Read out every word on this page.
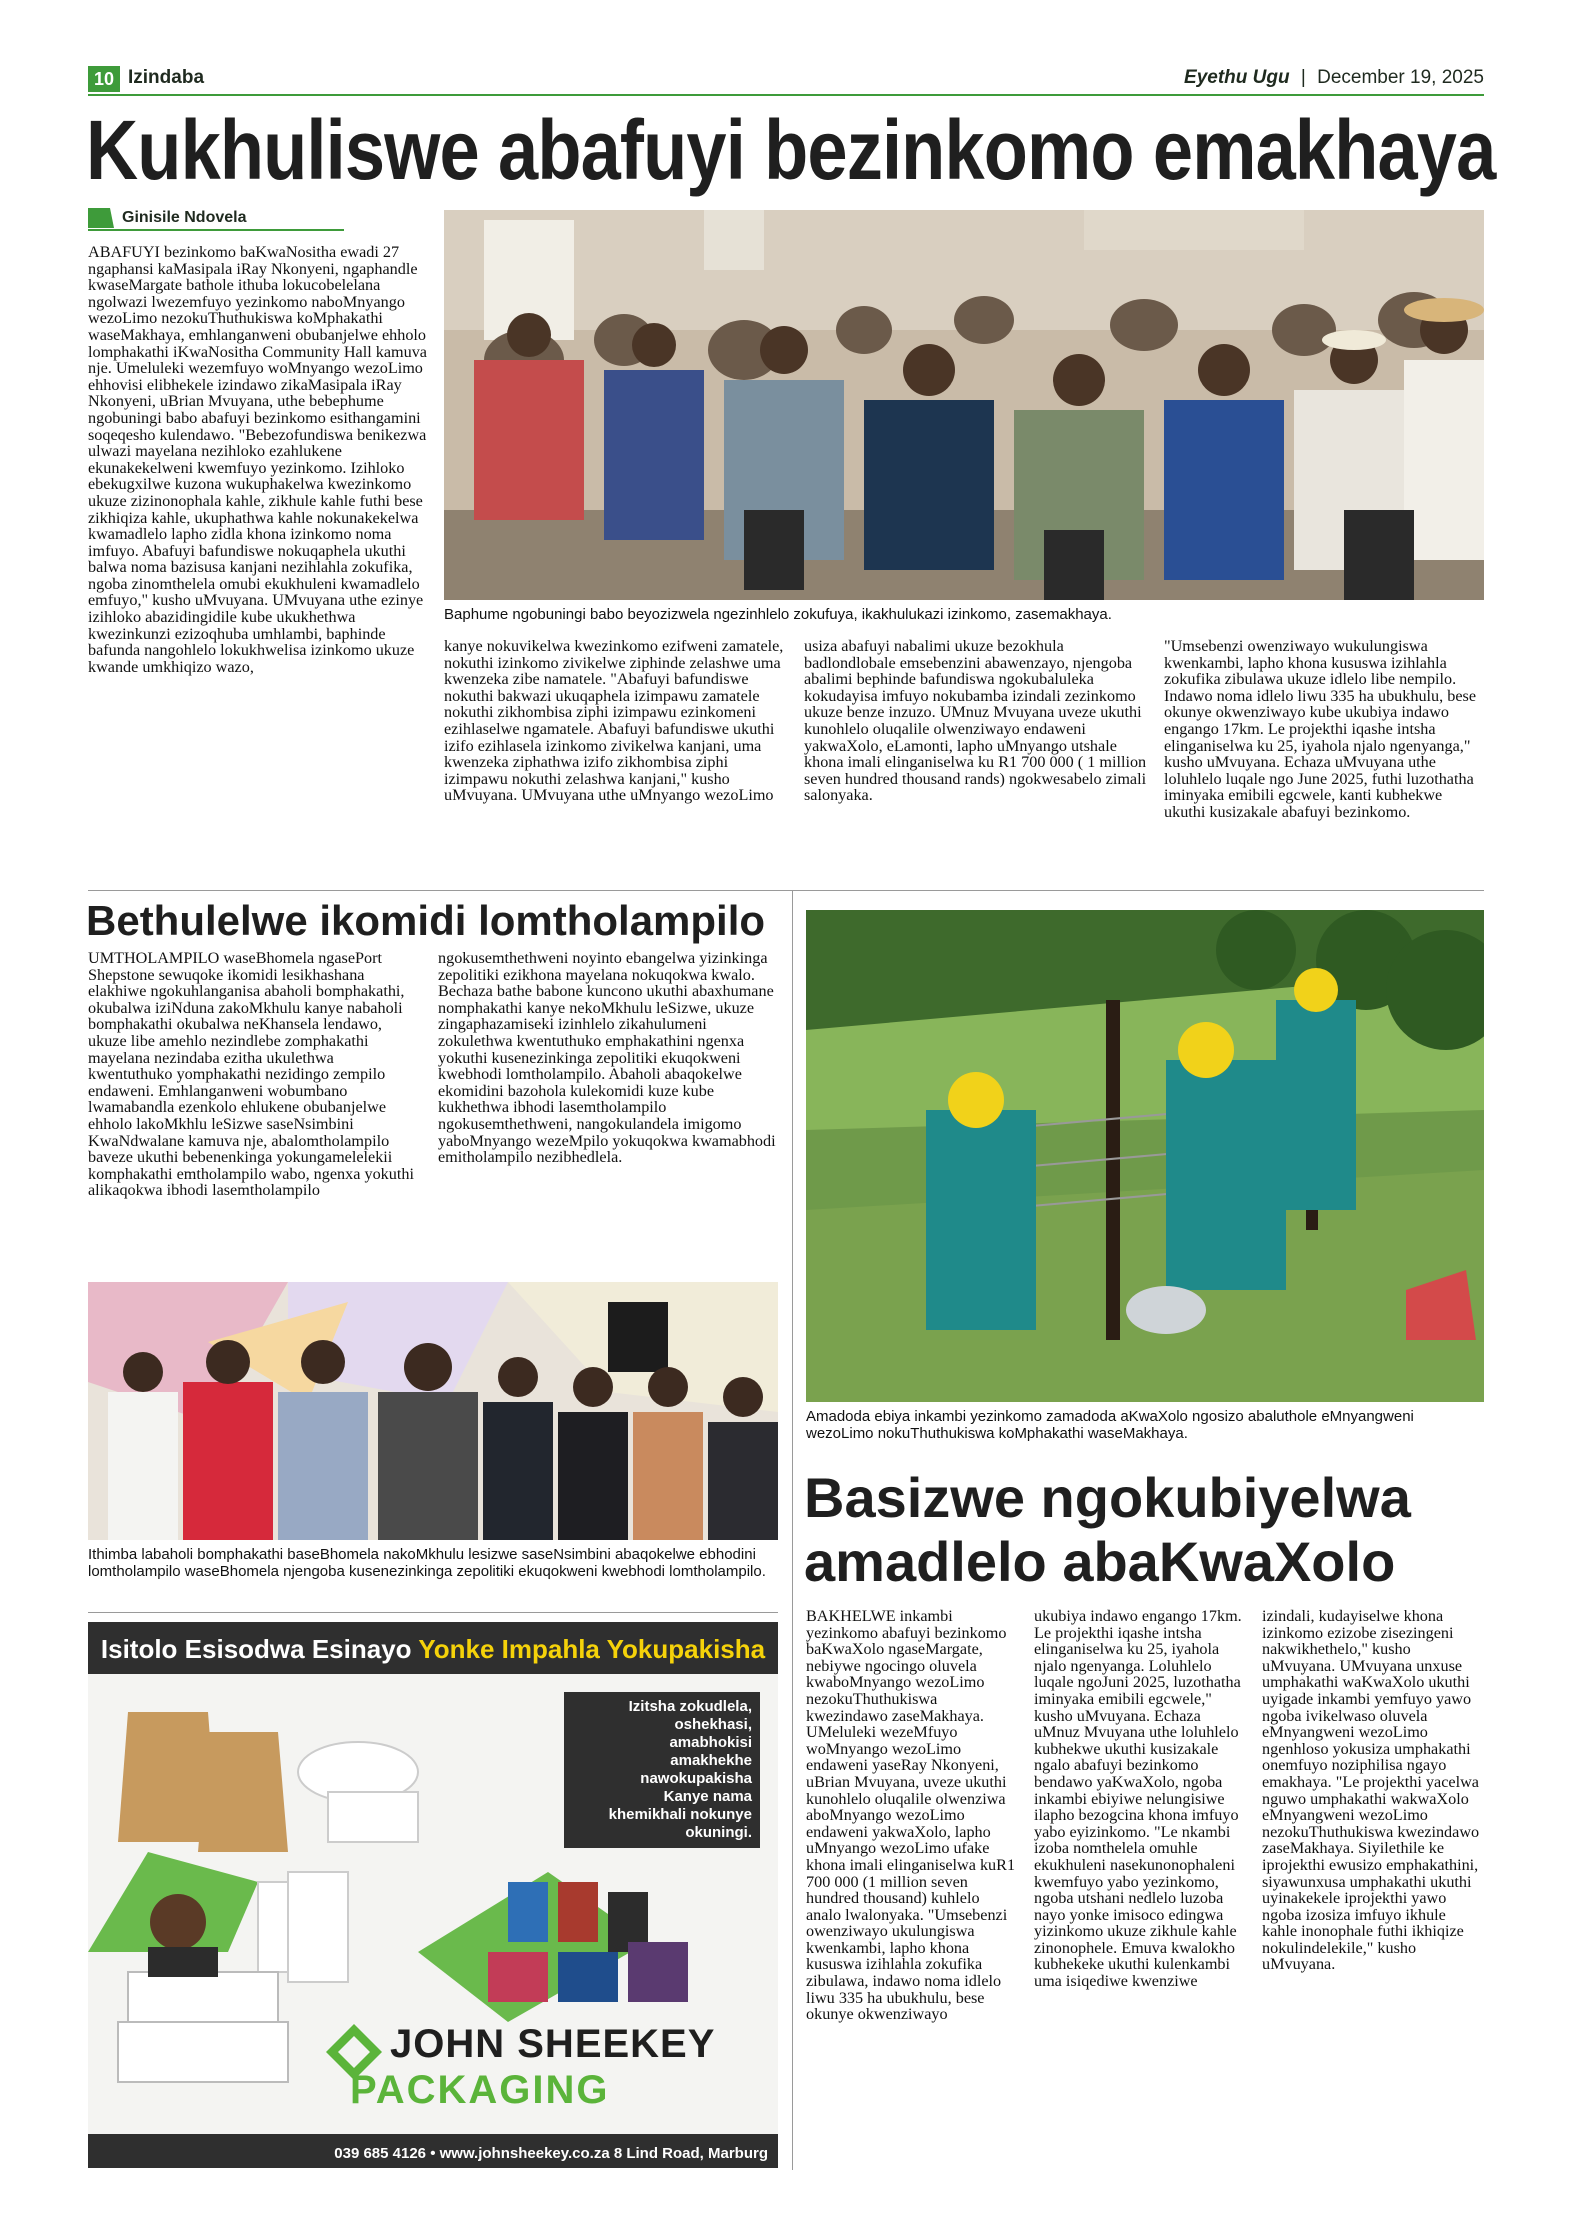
10 Izindaba	Eyethu Ugu | December 19, 2025
Kukhuliswe abafuyi bezinkomo emakhaya
Ginisile Ndovela
ABAFUYI bezinkomo baKwaNositha ewadi 27 ngaphansi kaMasipala iRay Nkonyeni, ngaphandle kwaseMargate bathole ithuba lokucobelelana ngolwazi lwezemfuyo yezinkomo naboMnyango wezoLimo nezokuThuthukiswa koMphakathi waseMakhaya, emhlanganweni obubanjelwe ehholo lomphakathi iKwaNositha Community Hall kamuva nje. Umeluleki wezemfuyo woMnyango wezoLimo ehhovisi elibhekele izindawo zikaMasipala iRay Nkonyeni, uBrian Mvuyana, uthe bebephume ngobuningi babo abafuyi bezinkomo esithangamini soqeqesho kulendawo. "Bebezofundiswa benikezwa ulwazi mayelana nezihloko ezahlukene ekunakekelweni kwemfuyo yezinkomo. Izihloko ebekugxilwe kuzona wukuphakelwa kwezinkomo ukuze zizinonophala kahle, zikhule kahle futhi bese zikhiqiza kahle, ukuphathwa kahle nokunakekelwa kwamadlelo lapho zidla khona izinkomo noma imfuyo. Abafuyi bafundiswe nokuqaphela ukuthi balwa noma bazisusa kanjani nezihlahla zokufika, ngoba zinomthelela omubi ekukhuleni kwamadlelo emfuyo," kusho uMvuyana. UMvuyana uthe ezinye izihloko abazidingidile kube ukukhethwa kwezinkunzi ezizoqhuba umhlambi, baphinde bafunda nangohlelo lokukhwelisa izinkomo ukuze kwande umkhiqizo wazo,
Baphume ngobuningi babo beyozizwela ngezinhlelo zokufuya, ikakhulukazi izinkomo, zasemakhaya.
kanye nokuvikelwa kwezinkomo ezifweni zamatele, nokuthi izinkomo zivikelwe ziphinde zelashwe uma kwenzeka zibe namatele. "Abafuyi bafundiswe nokuthi bakwazi ukuqaphela izimpawu zamatele nokuthi zikhombisa ziphi izimpawu ezinkomeni ezihlaselwe ngamatele. Abafuyi bafundiswe ukuthi izifo ezihlasela izinkomo zivikelwa kanjani, uma kwenzeka ziphathwa izifo zikhombisa ziphi izimpawu nokuthi zelashwa kanjani," kusho uMvuyana. UMvuyana uthe uMnyango wezoLimo
usiza abafuyi nabalimi ukuze bezokhula badlondlobale emsebenzini abawenzayo, njengoba abalimi bephinde bafundiswa ngokubaluleka kokudayisa imfuyo nokubamba izindali zezinkomo ukuze benze inzuzo. UMnuz Mvuyana uveze ukuthi kunohlelo oluqalile olwenziwayo endaweni yakwaXolo, eLamonti, lapho uMnyango utshale khona imali elinganiselwa ku R1 700 000 ( 1 million seven hundred thousand rands) ngokwesabelo zimali salonyaka.
"Umsebenzi owenziwayo wukulungiswa kwenkambi, lapho khona kususwa izihlahla zokufika zibulawa ukuze idlelo libe nempilo. Indawo noma idlelo liwu 335 ha ubukhulu, bese okunye okwenziwayo kube ukubiya indawo engango 17km. Le projekthi iqashe intsha elinganiselwa ku 25, iyahola njalo ngenyanga," kusho uMvuyana. Echaza uMvuyana uthe loluhlelo luqale ngo June 2025, futhi luzothatha iminyaka emibili egcwele, kanti kubhekwe ukuthi kusizakale abafuyi bezinkomo.
Bethulelwe ikomidi lomtholampilo
UMTHOLAMPILO waseBhomela ngasePort Shepstone sewuqoke ikomidi lesikhashana elakhiwe ngokuhlanganisa abaholi bomphakathi, okubalwa iziNduna zakoMkhulu kanye nabaholi bomphakathi okubalwa neKhansela lendawo, ukuze libe amehlo nezindlebe zomphakathi mayelana nezindaba ezitha ukulethwa kwentuthuko yomphakathi nezidingo zempilo endaweni. Emhlanganweni wobumbano lwamabandla ezenkolo ehlukene obubanjelwe ehholo lakoMkhlu leSizwe saseNsimbini KwaNdwalane kamuva nje, abalomtholampilo baveze ukuthi bebenenkinga yokungamelelekii komphakathi emtholampilo wabo, ngenxa yokuthi alikaqokwa ibhodi lasemtholampilo
ngokusemthethweni noyinto ebangelwa yizinkinga zepolitiki ezikhona mayelana nokuqokwa kwalo. Bechaza bathe babone kuncono ukuthi abaxhumane nomphakathi kanye nekoMkhulu leSizwe, ukuze zingaphazamiseki izinhlelo zikahulumeni zokulethwa kwentuthuko emphakathini ngenxa yokuthi kusenezinkinga zepolitiki ekuqokweni kwebhodi lomtholampilo. Abaholi abaqokelwe ekomidini bazohola kulekomidi kuze kube kukhethwa ibhodi lasemtholampilo ngokusemthethweni, nangokulandela imigomo yaboMnyango wezeMpilo yokuqokwa kwamabhodi emitholampilo nezibhedlela.
Ithimba labaholi bomphakathi baseBhomela nakoMkhulu lesizwe saseNsimbini abaqokelwe ebhodini lomtholampilo waseBhomela njengoba kusenezinkinga zepolitiki ekuqokweni kwebhodi lomtholampilo.
Isitolo Esisodwa Esinayo Yonke Impahla Yokupakisha
Izitsha zokudlela,
oshekhasi,
amabhokisi
amakhekhe
nawokupakisha
Kanye nama
khemikhali nokunye
okuningi.
JOHN SHEEKEY
PACKAGING
039 685 4126 • www.johnsheekey.co.za 8 Lind Road, Marburg
Amadoda ebiya inkambi yezinkomo zamadoda aKwaXolo ngosizo abaluthole eMnyangweni wezoLimo nokuThuthukiswa koMphakathi waseMakhaya.
Basizwe ngokubiyelwa amadlelo abaKwaXolo
BAKHELWE inkambi yezinkomo abafuyi bezinkomo baKwaXolo ngaseMargate, nebiywe ngocingo oluvela kwaboMnyango wezoLimo nezokuThuthukiswa kwezindawo zaseMakhaya. UMeluleki wezeMfuyo woMnyango wezoLimo endaweni yaseRay Nkonyeni, uBrian Mvuyana, uveze ukuthi kunohlelo oluqalile olwenziwa aboMnyango wezoLimo endaweni yakwaXolo, lapho uMnyango wezoLimo ufake khona imali elinganiselwa kuR1 700 000 (1 million seven hundred thousand) kuhlelo analo lwalonyaka. "Umsebenzi owenziwayo ukulungiswa kwenkambi, lapho khona kususwa izihlahla zokufika zibulawa, indawo noma idlelo liwu 335 ha ubukhulu, bese okunye okwenziwayo
ukubiya indawo engango 17km. Le projekthi iqashe intsha elinganiselwa ku 25, iyahola njalo ngenyanga. Loluhlelo luqale ngoJuni 2025, luzothatha iminyaka emibili egcwele," kusho uMvuyana. Echaza uMnuz Mvuyana uthe loluhlelo kubhekwe ukuthi kusizakale ngalo abafuyi bezinkomo bendawo yaKwaXolo, ngoba inkambi ebiyiwe nelungisiwe ilapho bezogcina khona imfuyo yabo eyizinkomo. "Le nkambi izoba nomthelela omuhle ekukhuleni nasekunonophaleni kwemfuyo yabo yezinkomo, ngoba utshani nedlelo luzoba nayo yonke imisoco edingwa yizinkomo ukuze zikhule kahle zinonophele. Emuva kwalokho kubhekeke ukuthi kulenkambi uma isiqediwe kwenziwe
izindali, kudayiselwe khona izinkomo ezizobe zisezingeni nakwikhethelo," kusho uMvuyana. UMvuyana unxuse umphakathi waKwaXolo ukuthi uyigade inkambi yemfuyo yawo ngoba ivikelwaso oluvela eMnyangweni wezoLimo ngenhloso yokusiza umphakathi onemfuyo noziphilisa ngayo emakhaya. "Le projekthi yacelwa nguwo umphakathi wakwaXolo eMnyangweni wezoLimo nezokuThuthukiswa kwezindawo zaseMakhaya. Siyilethile ke iprojekthi ewusizo emphakathini, siyawunxusa umphakathi ukuthi uyinakekele iprojekthi yawo ngoba izosiza imfuyo ikhule kahle inonophale futhi ikhiqize nokulindelekile," kusho uMvuyana.
